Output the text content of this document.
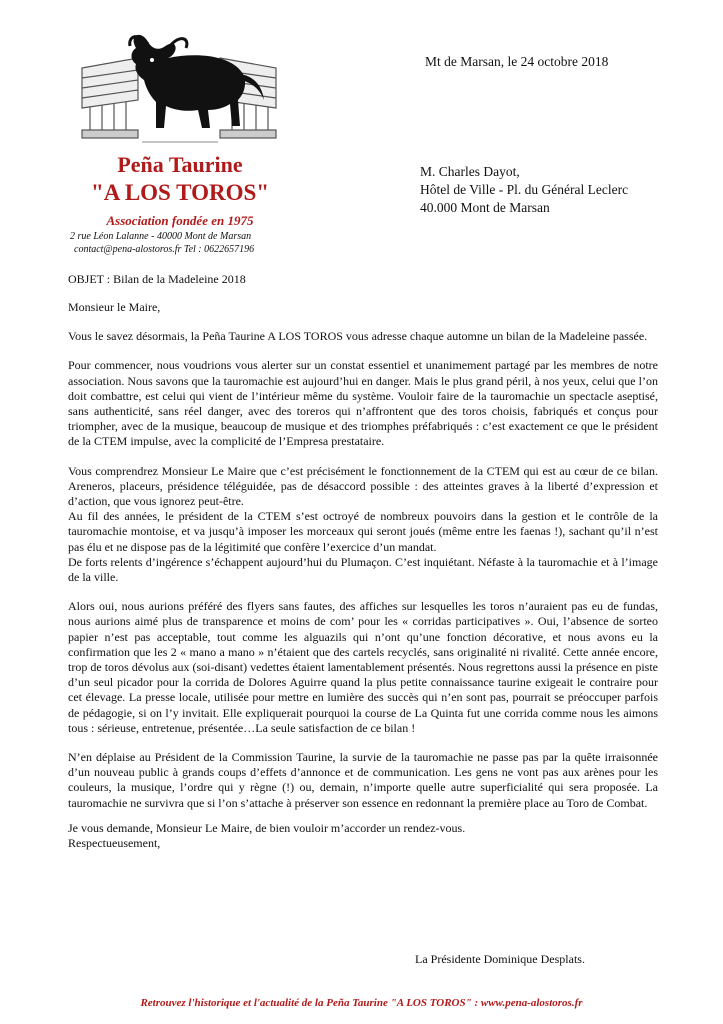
Peña Taurine
"A LOS TOROS"
Association fondée en 1975
2 rue Léon Lalanne - 40000 Mont de Marsan
contact@pena-alostoros.fr Tel : 0622657196
Mt de Marsan, le 24 octobre 2018
M. Charles Dayot,
Hôtel de Ville - Pl. du Général Leclerc
40.000 Mont de Marsan
OBJET : Bilan de la Madeleine 2018

Monsieur le Maire,

Vous le savez désormais, la Peña Taurine A LOS TOROS vous adresse chaque automne un bilan de la Madeleine passée.

Pour commencer, nous voudrions vous alerter sur un constat essentiel et unanimement partagé par les membres de notre association. Nous savons que la tauromachie est aujourd’hui en danger. Mais le plus grand péril, à nos yeux, celui que l’on doit combattre, est celui qui vient de l’intérieur même du système. Vouloir faire de la tauromachie un spectacle aseptisé, sans authenticité, sans réel danger, avec des toreros qui n’affrontent que des toros choisis, fabriqués et conçus pour triompher, avec de la musique, beaucoup de musique et des triomphes préfabriqués : c’est exactement ce que le président de la CTEM impulse, avec la complicité de l’Empresa prestataire.

Vous comprendrez Monsieur Le Maire que c’est précisément le fonctionnement de la CTEM qui est au cœur de ce bilan. Areneros, placeurs, présidence téléguidée, pas de désaccord possible : des atteintes graves à la liberté d’expression et d’action, que vous ignorez peut-être.

Au fil des années, le président de la CTEM s’est octroyé de nombreux pouvoirs dans la gestion et le contrôle de la tauromachie montoise, et va jusqu’à imposer les morceaux qui seront joués (même entre les faenas !), sachant qu’il n’est pas élu et ne dispose pas de la légitimité que confère l’exercice d’un mandat.

De forts relents d’ingérence s’échappent aujourd’hui du Plumaçon. C’est inquiétant. Néfaste à la tauromachie et à l’image de la ville.

Alors oui, nous aurions préféré des flyers sans fautes, des affiches sur lesquelles les toros n’auraient pas eu de fundas, nous aurions aimé plus de transparence et moins de com’ pour les « corridas participatives ». Oui, l’absence de sorteo papier n’est pas acceptable, tout comme les alguazils qui n’ont qu’une fonction décorative, et nous avons eu la confirmation que les 2 « mano a mano » n’étaient que des cartels recyclés, sans originalité ni rivalité. Cette année encore, trop de toros dévolus aux (soi-disant) vedettes étaient lamentablement présentés. Nous regrettons aussi la présence en piste d’un seul picador pour la corrida de Dolores Aguirre quand la plus petite connaissance taurine exigeait le contraire pour cet élevage. La presse locale, utilisée pour mettre en lumière des succès qui n’en sont pas, pourrait se préoccuper parfois de pédagogie, si on l’y invitait. Elle expliquerait pourquoi la course de La Quinta fut une corrida comme nous les aimons tous : sérieuse, entretenue, présentée…La seule satisfaction de ce bilan !

N’en déplaise au Président de la Commission Taurine, la survie de la tauromachie ne passe pas par la quête irraisonnée d’un nouveau public à grands coups d’effets d’annonce et de communication. Les gens ne vont pas aux arènes pour les couleurs, la musique, l’ordre qui y règne (!) ou, demain, n’importe quelle autre superficialité qui sera proposée. La tauromachie ne survivra que si l’on s’attache à préserver son essence en redonnant la première place au Toro de Combat.

Je vous demande, Monsieur Le Maire, de bien vouloir m’accorder un rendez-vous.

Respectueusement,

La Présidente Dominique Desplats.
Retrouvez l'historique et l'actualité de la Peña Taurine "A LOS TOROS" : www.pena-alostoros.fr
